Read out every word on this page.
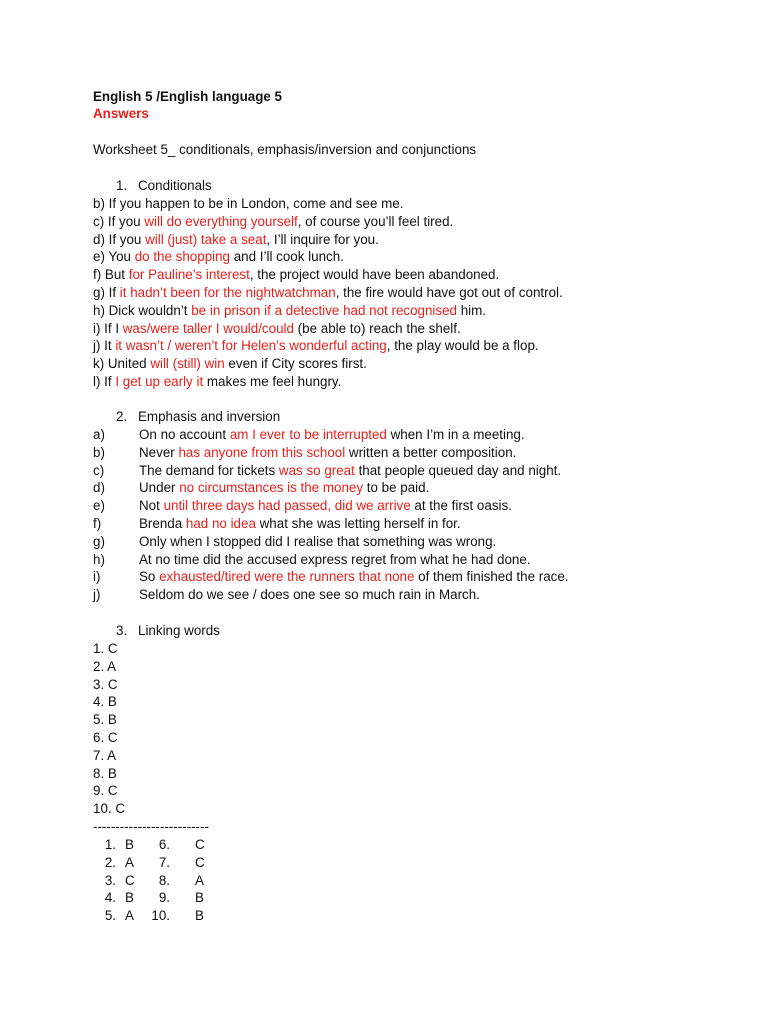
English 5 /English language 5
Answers
Worksheet 5_ conditionals, emphasis/inversion and conjunctions
1. Conditionals
b) If you happen to be in London, come and see me.
c) If you will do everything yourself, of course you’ll feel tired.
d) If you will (just) take a seat, I’ll inquire for you.
e) You do the shopping and I’ll cook lunch.
f) But for Pauline’s interest, the project would have been abandoned.
g) If it hadn’t been for the nightwatchman, the fire would have got out of control.
h) Dick wouldn’t be in prison if a detective had not recognised him.
i) If I was/were taller I would/could (be able to) reach the shelf.
j) It it wasn’t / weren’t for Helen’s wonderful acting, the play would be a flop.
k) United will (still) win even if City scores first.
l) If I get up early it makes me feel hungry.
2. Emphasis and inversion
a)	On no account am I ever to be interrupted when I’m in a meeting.
b)	Never has anyone from this school written a better composition.
c)	The demand for tickets was so great that people queued day and night.
d)	Under no circumstances is the money to be paid.
e)	Not until three days had passed, did we arrive at the first oasis.
f)	Brenda had no idea what she was letting herself in for.
g)	Only when I stopped did I realise that something was wrong.
h)	At no time did the accused express regret from what he had done.
i)	So exhausted/tired were the runners that none of them finished the race.
j)	Seldom do we see / does one see so much rain in March.
3. Linking words
1. C
2. A
3. C
4. B
5. B
6. C
7. A
8. B
9. C
10. C
--------------------------
1. B	6. C
2. A	7. C
3. C	8. A
4. B	9. B
5. A 10. B
